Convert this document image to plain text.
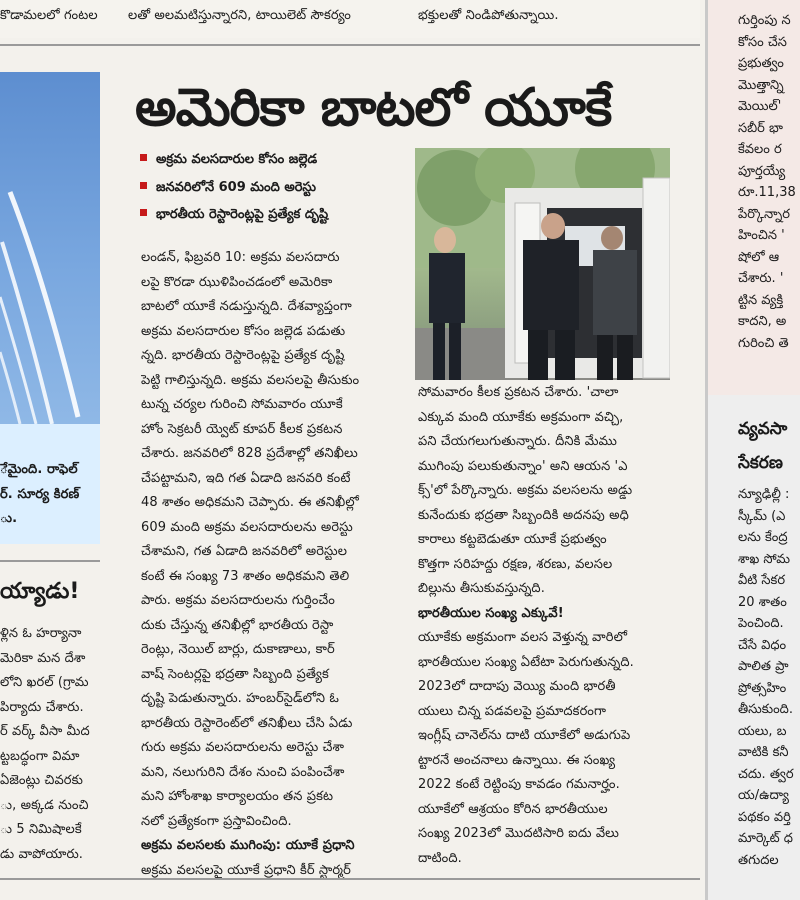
కొడామలలో గంటల	లతో అలమటిస్తున్నారని, టాయిలెట్ సౌకర్యం	భక్తులతో నిండిపోతున్నాయి.
ేమైంది. రాఫెల్
ర్. సూర్య కిరణ్
ు.
య్యాడు!
ళ్లిన ఓ హర్యానా
మెరికా మన దేశా
లోని ఖరల్ (గ్రామ
పిర్యాదు చేశారు.
ర్ వర్క్ వీసా మీద
ట్టబద్ధంగా విమా
ఏజెంట్లు చివరకు
ు, అక్కడ నుంచి
ు 5 నిమిషాలకే
డు వాపోయారు.
అమెరికా బాటలో యూకే
అక్రమ వలసదారుల కోసం జల్లెడ
జనవరిలోనే 609 మంది అరెస్టు
భారతీయ రెస్టారెంట్లపై ప్రత్యేక దృష్టి
లండన్, ఫిబ్రవరి 10: అక్రమ వలసదారు
లపై కొరడా ఝుళిపించడంలో అమెరికా
బాటలో యూకే నడుస్తున్నది. దేశవ్యాప్తంగా
అక్రమ వలసదారుల కోసం జల్లెడ పడుతు
న్నది. భారతీయ రెస్టారెంట్లపై ప్రత్యేక దృష్టి
పెట్టి గాలిస్తున్నది. అక్రమ వలసలపై తీసుకుం
టున్న చర్యల గురించి సోమవారం యూకే
హోం సెక్రటరీ య్వెట్ కూపర్ కీలక ప్రకటన
చేశారు. జనవరిలో 828 ప్రదేశాల్లో తనిఖీలు
చేపట్టామని, ఇది గత ఏడాది జనవరి కంటే
48 శాతం అధికమని చెప్పారు. ఈ తనిఖీల్లో
609 మంది అక్రమ వలసదారులను అరెస్టు
చేశామని, గత ఏడాది జనవరిలో అరెస్టుల
కంటే ఈ సంఖ్య 73 శాతం అధికమని తెలి
పారు. అక్రమ వలసదారులను గుర్తించేం
దుకు చేస్తున్న తనిఖీల్లో భారతీయ రెస్టా
రెంట్లు, నెయిల్ బార్లు, దుకాణాలు, కార్
వాష్ సెంటర్లపై భద్రతా సిబ్బంది ప్రత్యేక
దృష్టి పెడుతున్నారు. హంబర్‌సైడ్‌లోని ఓ
భారతీయ రెస్టారెంట్‌లో తనిఖీలు చేసి ఏడు
గురు అక్రమ వలసదారులను అరెస్టు చేశా
మని, నలుగురిని దేశం నుంచి పంపించేశా
మని హోంశాఖ కార్యాలయం తన ప్రకట
నలో ప్రత్యేకంగా ప్రస్తావించింది.
అక్రమ వలసలకు ముగింపు: యూకే ప్రధాని
అక్రమ వలసలపై యూకే ప్రధాని కీర్ స్టార్మర్
సోమవారం కీలక ప్రకటన చేశారు. 'చాలా
ఎక్కువ మంది యూకేకు అక్రమంగా వచ్చి,
పని చేయగలుగుతున్నారు. దీనికి మేము
ముగింపు పలుకుతున్నాం' అని ఆయన 'ఎ
క్స్'లో పేర్కొన్నారు. అక్రమ వలసలను అడ్డు
కునేందుకు భద్రతా సిబ్బందికి అదనపు అధి
కారాలు కట్టబెడుతూ యూకే ప్రభుత్వం
కొత్తగా సరిహద్దు రక్షణ, శరణు, వలసల
బిల్లును తీసుకువస్తున్నది.
భారతీయుల సంఖ్య ఎక్కువే!
యూకేకు అక్రమంగా వలస వెళ్తున్న వారిలో
భారతీయుల సంఖ్య ఏటేటా పెరుగుతున్నది.
2023లో దాదాపు వెయ్యి మంది భారతీ
యులు చిన్న పడవలపై ప్రమాదకరంగా
ఇంగ్లీష్ చానెల్‌ను దాటి యూకేలో అడుగుపె
ట్టారనే అంచనాలు ఉన్నాయి. ఈ సంఖ్య
2022 కంటే రెట్టింపు కావడం గమనార్హం.
యూకేలో ఆశ్రయం కోరిన భారతీయుల
సంఖ్య 2023లో మొదటిసారి ఐదు వేలు
దాటింది.
గుర్తింపు న
కోసం చేస
ప్రభుత్వం
మొత్తాన్ని
మెయిల్'
సబీర్ భా
కేవలం ర
పూర్తయ్యే
రూ.11,38
పేర్కొన్నార
హించిన '
షోలో ఆ
చేశారు. '
ట్టిన వ్యక్తి
కాదని, అ
గురించి తె
వ్యవసా
సేకరణ
న్యూఢిల్లీ :
స్కీమ్ (ఎ
లను కేంద్ర
శాఖ సోమ
వీటి సేకర
20 శాతం
పెంచింది.
చేసే విధం
పాలిత ప్రా
ప్రోత్సహిం
తీసుకుంది.
యలు, బ
వాటికి కనీ
చదు. త్వర
య/ఉద్యా
పథకం వర్తి
మార్కెట్ ధ
తగుదల
